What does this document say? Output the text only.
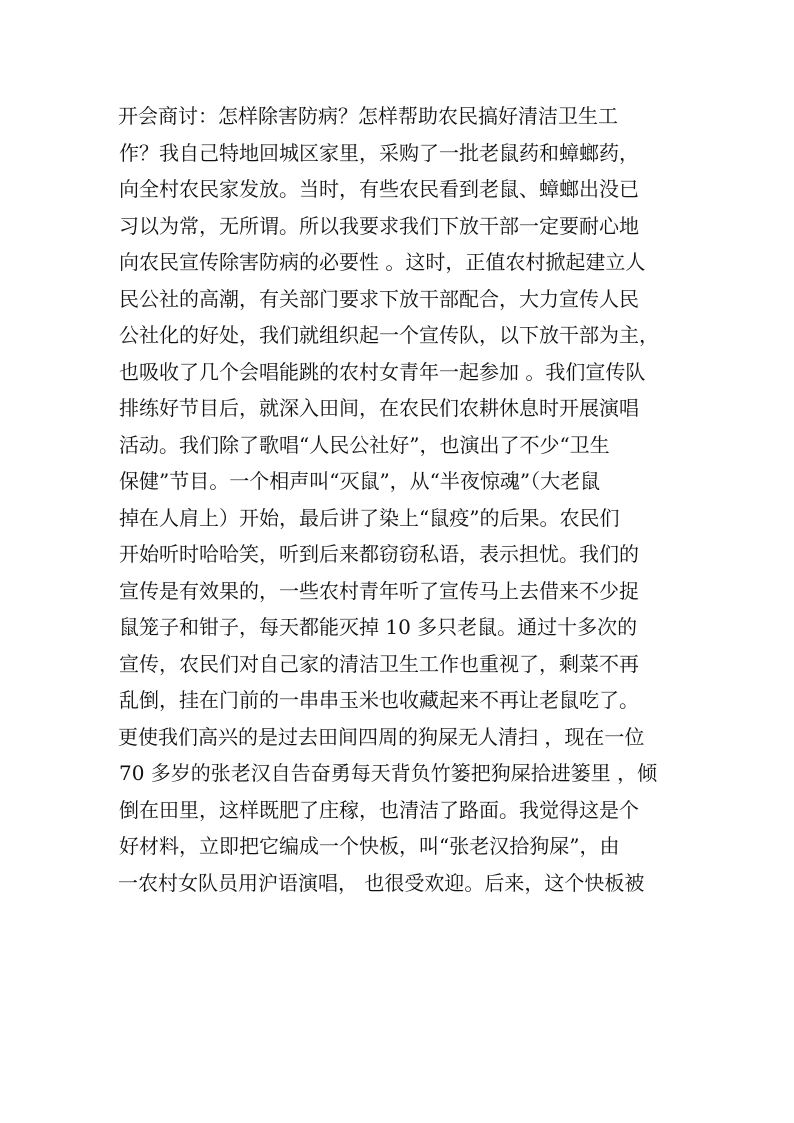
开会商讨：怎样除害防病？怎样帮助农民搞好清洁卫生工
作？我自己特地回城区家里，采购了一批老鼠药和蟑螂药，
向全村农民家发放。当时，有些农民看到老鼠、蟑螂出没已
习以为常，无所谓。所以我要求我们下放干部一定要耐心地
向农民宣传除害防病的必要性 。这时，正值农村掀起建立人
民公社的高潮，有关部门要求下放干部配合，大力宣传人民
公社化的好处，我们就组织起一个宣传队，以下放干部为主，
也吸收了几个会唱能跳的农村女青年一起参加 。我们宣传队
排练好节目后，就深入田间，在农民们农耕休息时开展演唱
活动。我们除了歌唱“人民公社好”，也演出了不少“卫生
保健”节目。一个相声叫“灭鼠”，从“半夜惊魂”（大老鼠
掉在人肩上）开始，最后讲了染上“鼠疫”的后果。农民们
开始听时哈哈笑，听到后来都窃窃私语，表示担忧。我们的
宣传是有效果的，一些农村青年听了宣传马上去借来不少捉
鼠笼子和钳子，每天都能灭掉 10 多只老鼠。通过十多次的
宣传，农民们对自己家的清洁卫生工作也重视了，剩菜不再
乱倒，挂在门前的一串串玉米也收藏起来不再让老鼠吃了。
更使我们高兴的是过去田间四周的狗屎无人清扫 ，现在一位
70 多岁的张老汉自告奋勇每天背负竹篓把狗屎拾进篓里 ，倾
倒在田里，这样既肥了庄稼，也清洁了路面。我觉得这是个
好材料，立即把它编成一个快板，叫“张老汉拾狗屎”，由
一农村女队员用沪语演唱， 也很受欢迎。后来，这个快板被
